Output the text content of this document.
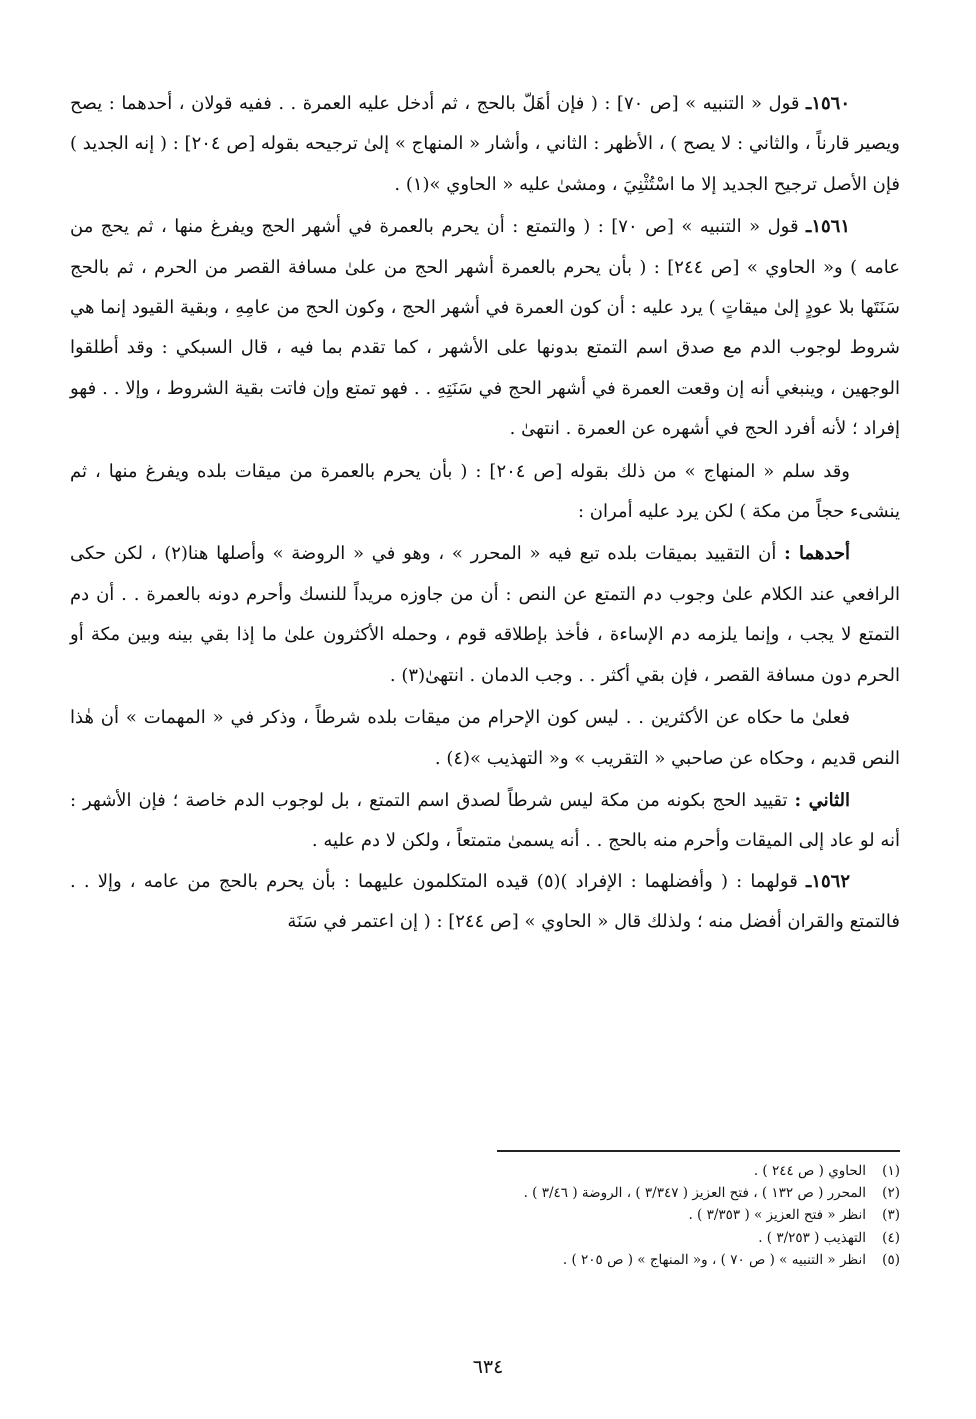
١٥٦٠ـ قول « التنبيه » [ص ٧٠] : ( فإن أهَلّ بالحج ، ثم أدخل عليه العمرة . . ففيه قولان ، أحدهما : يصح ويصير قارناً ، والثاني : لا يصح ) ، الأظهر : الثاني ، وأشار « المنهاج » إلىٰ ترجيحه بقوله [ص ٢٠٤] : ( إنه الجديد ) فإن الأصل ترجيح الجديد إلا ما اسْتُثْنِيَ ، ومشىٰ عليه « الحاوي »(١) .

١٥٦١ـ قول « التنبيه » [ص ٧٠] : ( والتمتع : أن يحرم بالعمرة في أشهر الحج ويفرغ منها ، ثم يحج من عامه ) و« الحاوي » [ص ٢٤٤] : ( بأن يحرم بالعمرة أشهر الحج من علىٰ مسافة القصر من الحرم ، ثم بالحج سَنَتَها بلا عودٍ إلىٰ ميقاتٍ ) يرد عليه : أن كون العمرة في أشهر الحج ، وكون الحج من عامِهِ ، وبقية القيود إنما هي شروط لوجوب الدم مع صدق اسم التمتع بدونها على الأشهر ، كما تقدم بما فيه ، قال السبكي : وقد أطلقوا الوجهين ، وينبغي أنه إن وقعت العمرة في أشهر الحج في سَنَتِهِ . . فهو تمتع وإن فاتت بقية الشروط ، وإلا . . فهو إفراد ؛ لأنه أفرد الحج في أشهره عن العمرة . انتهىٰ .

وقد سلم « المنهاج » من ذلك بقوله [ص ٢٠٤] : ( بأن يحرم بالعمرة من ميقات بلده ويفرغ منها ، ثم ينشىء حجاً من مكة ) لكن يرد عليه أمران :

أحدهما : أن التقييد بميقات بلده تبع فيه « المحرر » ، وهو في « الروضة » وأصلها هنا(٢) ، لكن حكى الرافعي عند الكلام علىٰ وجوب دم التمتع عن النص : أن من جاوزه مريداً للنسك وأحرم دونه بالعمرة . . أن دم التمتع لا يجب ، وإنما يلزمه دم الإساءة ، فأخذ بإطلاقه قوم ، وحمله الأكثرون علىٰ ما إذا بقي بينه وبين مكة أو الحرم دون مسافة القصر ، فإن بقي أكثر . . وجب الدمان . انتهىٰ(٣) .

فعلىٰ ما حكاه عن الأكثرين . . ليس كون الإحرام من ميقات بلده شرطاً ، وذكر في « المهمات » أن هٰذا النص قديم ، وحكاه عن صاحبي « التقريب » و« التهذيب »(٤) .

الثاني : تقييد الحج بكونه من مكة ليس شرطاً لصدق اسم التمتع ، بل لوجوب الدم خاصة ؛ فإن الأشهر : أنه لو عاد إلى الميقات وأحرم منه بالحج . . أنه يسمىٰ متمتعاً ، ولكن لا دم عليه .

١٥٦٢ـ قولهما : ( وأفضلهما : الإفراد )(٥) قيده المتكلمون عليهما : بأن يحرم بالحج من عامه ، وإلا . . فالتمتع والقران أفضل منه ؛ ولذلك قال « الحاوي » [ص ٢٤٤] : ( إن اعتمر في سَنَة

(١)
الحاوي ( ص ٢٤٤ ) .
(٢)
المحرر ( ص ١٣٢ ) ، فتح العزيز ( ٣/٣٤٧ ) ، الروضة ( ٣/٤٦ ) .
(٣)
انظر « فتح العزيز » ( ٣/٣٥٣ ) .
(٤)
التهذيب ( ٣/٢٥٣ ) .
(٥)
انظر « التنبيه » ( ص ٧٠ ) ، و« المنهاج » ( ص ٢٠٥ ) .
٦٣٤
